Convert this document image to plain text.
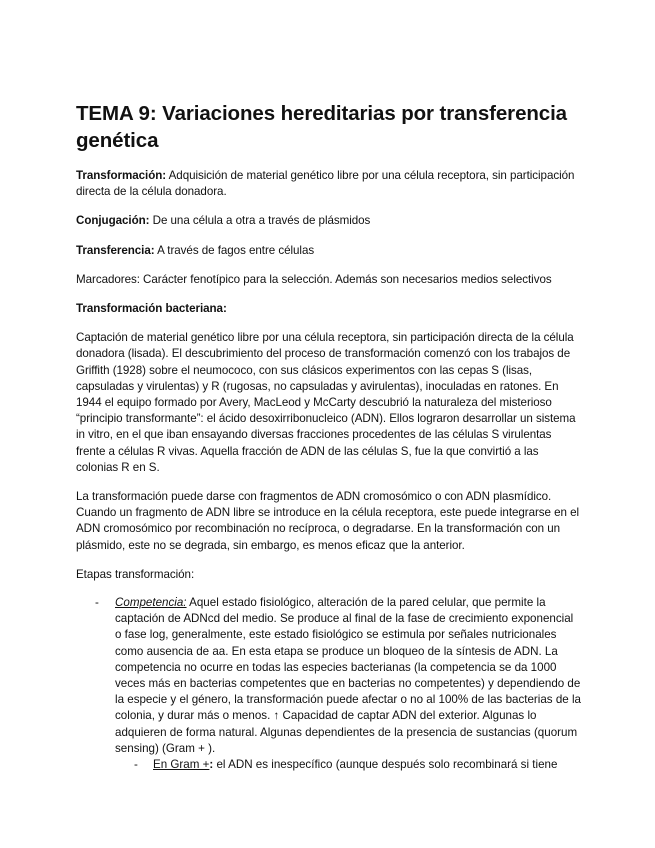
TEMA 9: Variaciones hereditarias por transferencia genética

Transformación: Adquisición de material genético libre por una célula receptora, sin participación directa de la célula donadora.

Conjugación: De una célula a otra a través de plásmidos

Transferencia: A través de fagos entre células

Marcadores: Carácter fenotípico para la selección. Además son necesarios medios selectivos

Transformación bacteriana:

Captación de material genético libre por una célula receptora, sin participación directa de la célula donadora (lisada). El descubrimiento del proceso de transformación comenzó con los trabajos de Griffith (1928) sobre el neumococo, con sus clásicos experimentos con las cepas S (lisas, capsuladas y virulentas) y R (rugosas, no capsuladas y avirulentas), inoculadas en ratones. En 1944 el equipo formado por Avery, MacLeod y McCarty descubrió la naturaleza del misterioso “principio transformante”: el ácido desoxirribonucleico (ADN). Ellos lograron desarrollar un sistema in vitro, en el que iban ensayando diversas fracciones procedentes de las células S virulentas frente a células R vivas. Aquella fracción de ADN de las células S, fue la que convirtió a las colonias R en S.

La transformación puede darse con fragmentos de ADN cromosómico o con ADN plasmídico. Cuando un fragmento de ADN libre se introduce en la célula receptora, este puede integrarse en el ADN cromosómico por recombinación no recíproca, o degradarse. En la transformación con un plásmido, este no se degrada, sin embargo, es menos eficaz que la anterior.

Etapas transformación:

- Competencia: Aquel estado fisiológico, alteración de la pared celular, que permite la captación de ADNcd del medio. Se produce al final de la fase de crecimiento exponencial o fase log, generalmente, este estado fisiológico se estimula por señales nutricionales como ausencia de aa. En esta etapa se produce un bloqueo de la síntesis de ADN. La competencia no ocurre en todas las especies bacterianas (la competencia se da 1000 veces más en bacterias competentes que en bacterias no competentes) y dependiendo de la especie y el género, la transformación puede afectar o no al 100% de las bacterias de la colonia, y durar más o menos. ↑ Capacidad de captar ADN del exterior. Algunas lo adquieren de forma natural. Algunas dependientes de la presencia de sustancias (quorum sensing) (Gram + ).
- En Gram +: el ADN es inespecífico (aunque después solo recombinará si tiene
